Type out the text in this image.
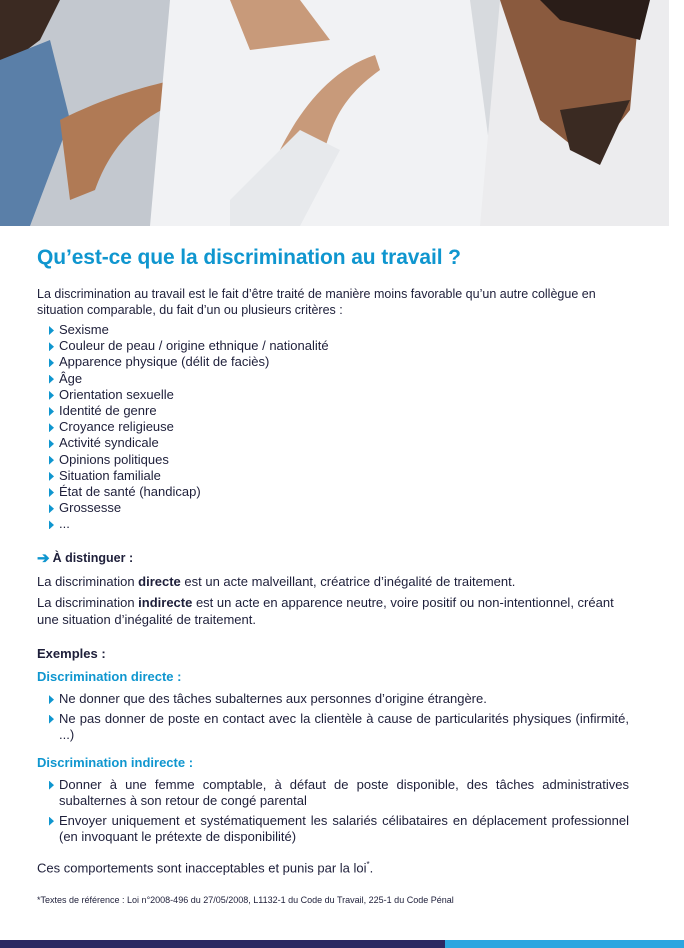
Qu’est-ce que la discrimination au travail ?
La discrimination au travail est le fait d’être traité de manière moins favorable qu’un autre collègue en situation comparable, du fait d’un ou plusieurs critères :
Sexisme
Couleur de peau / origine ethnique / nationalité
Apparence physique (délit de faciès)
Âge
Orientation sexuelle
Identité de genre
Croyance religieuse
Activité syndicale
Opinions politiques
Situation familiale
État de santé (handicap)
Grossesse
...
➔ À distinguer :
La discrimination directe est un acte malveillant, créatrice d’inégalité de traitement.
La discrimination indirecte est un acte en apparence neutre, voire positif ou non-intentionnel, créant une situation d’inégalité de traitement.
Exemples :
Discrimination directe :
Ne donner que des tâches subalternes aux personnes d’origine étrangère.
Ne pas donner de poste en contact avec la clientèle à cause de particularités physiques (infirmité, ...)
Discrimination indirecte :
Donner à une femme comptable, à défaut de poste disponible, des tâches administratives subalternes à son retour de congé parental
Envoyer uniquement et systématiquement les salariés célibataires en déplacement professionnel (en invoquant le prétexte de disponibilité)
Ces comportements sont inacceptables et punis par la loi*.
*Textes de référence : Loi n°2008-496 du 27/05/2008, L1132-1 du Code du Travail, 225-1 du Code Pénal
